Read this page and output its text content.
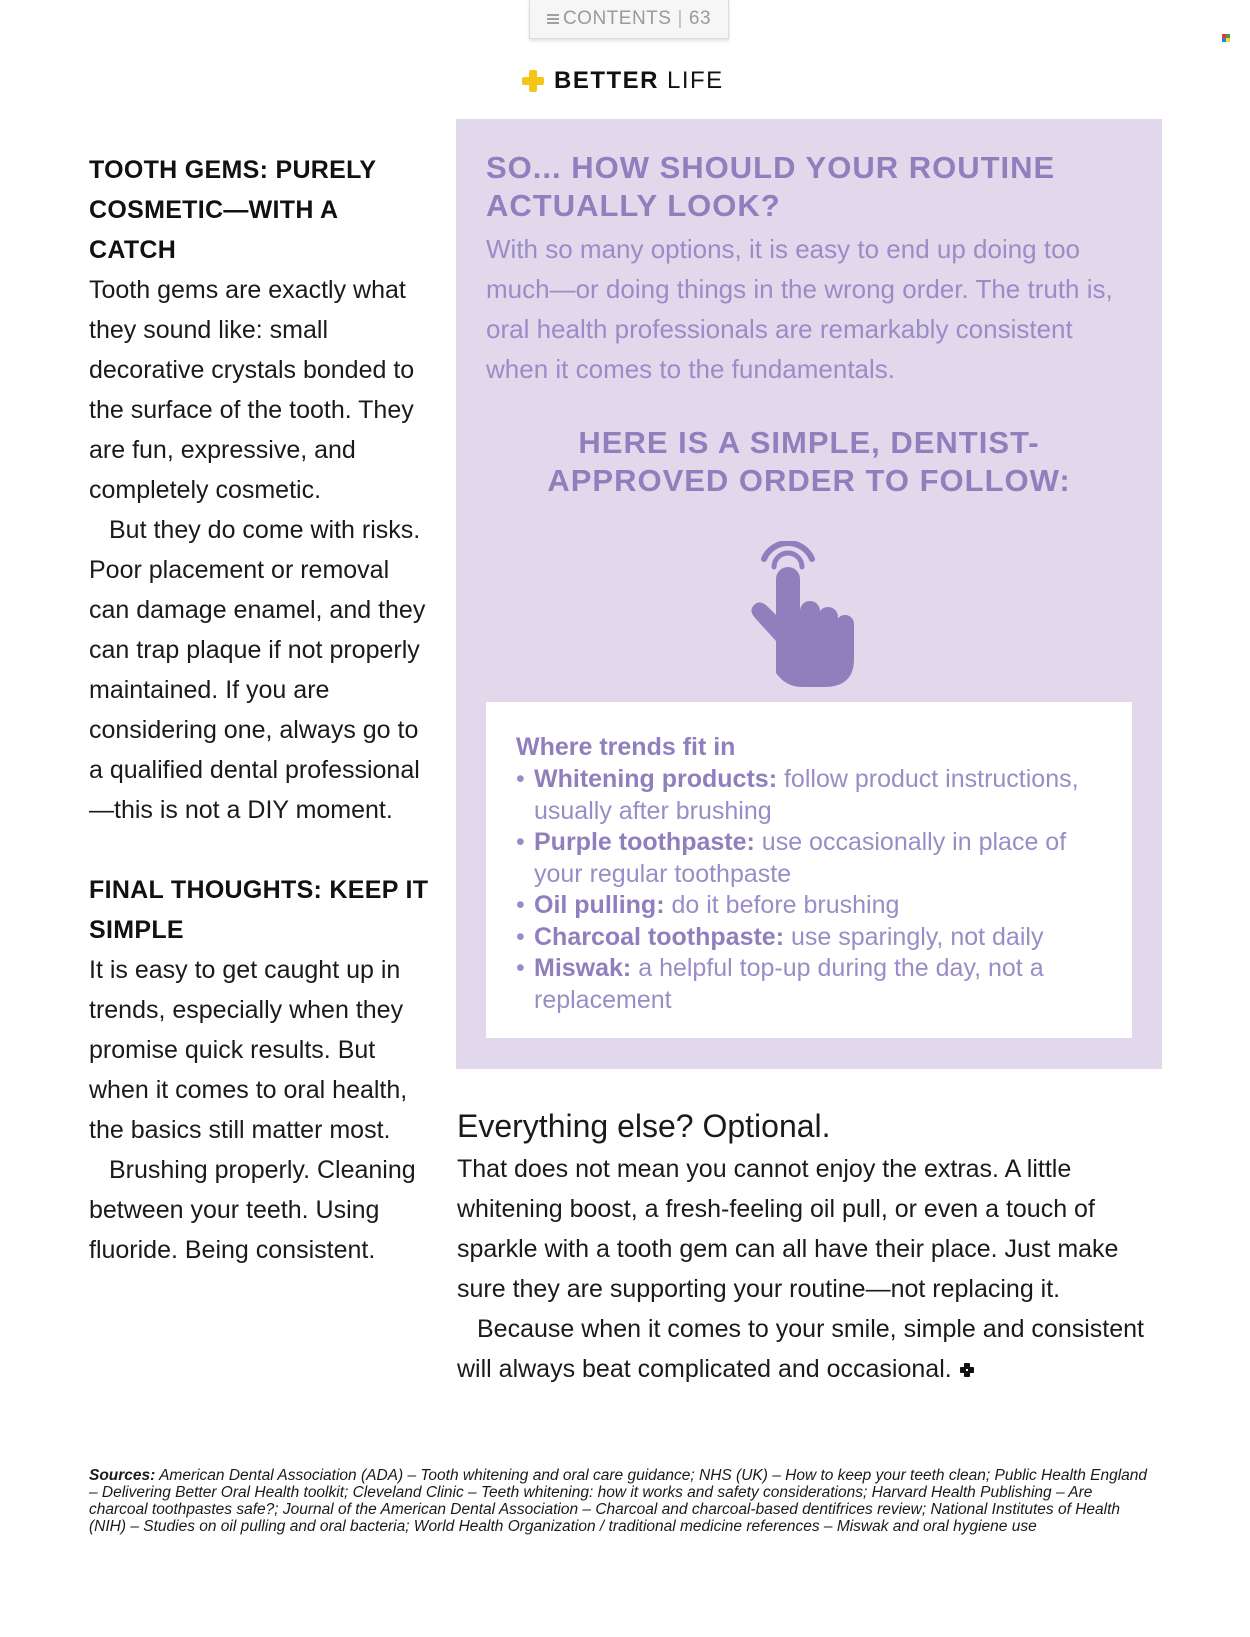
CONTENTS | 63
BETTER LIFE
TOOTH GEMS: PURELY COSMETIC—WITH A CATCH
Tooth gems are exactly what they sound like: small decorative crystals bonded to the surface of the tooth. They are fun, expressive, and completely cosmetic.
But they do come with risks. Poor placement or removal can damage enamel, and they can trap plaque if not properly maintained. If you are considering one, always go to a qualified dental professional—this is not a DIY moment.
FINAL THOUGHTS: KEEP IT SIMPLE
It is easy to get caught up in trends, especially when they promise quick results. But when it comes to oral health, the basics still matter most.
Brushing properly. Cleaning between your teeth. Using fluoride. Being consistent.
SO... HOW SHOULD YOUR ROUTINE ACTUALLY LOOK?
With so many options, it is easy to end up doing too much—or doing things in the wrong order. The truth is, oral health professionals are remarkably consistent when it comes to the fundamentals.
HERE IS A SIMPLE, DENTIST-APPROVED ORDER TO FOLLOW:
Where trends fit in
• Whitening products: follow product instructions, usually after brushing
• Purple toothpaste: use occasionally in place of your regular toothpaste
• Oil pulling: do it before brushing
• Charcoal toothpaste: use sparingly, not daily
• Miswak: a helpful top-up during the day, not a replacement
Everything else? Optional.
That does not mean you cannot enjoy the extras. A little whitening boost, a fresh-feeling oil pull, or even a touch of sparkle with a tooth gem can all have their place. Just make sure they are supporting your routine—not replacing it.
Because when it comes to your smile, simple and consistent will always beat complicated and occasional.
Sources: American Dental Association (ADA) – Tooth whitening and oral care guidance; NHS (UK) – How to keep your teeth clean; Public Health England – Delivering Better Oral Health toolkit; Cleveland Clinic – Teeth whitening: how it works and safety considerations; Harvard Health Publishing – Are charcoal toothpastes safe?; Journal of the American Dental Association – Charcoal and charcoal-based dentifrices review; National Institutes of Health (NIH) – Studies on oil pulling and oral bacteria; World Health Organization / traditional medicine references – Miswak and oral hygiene use
